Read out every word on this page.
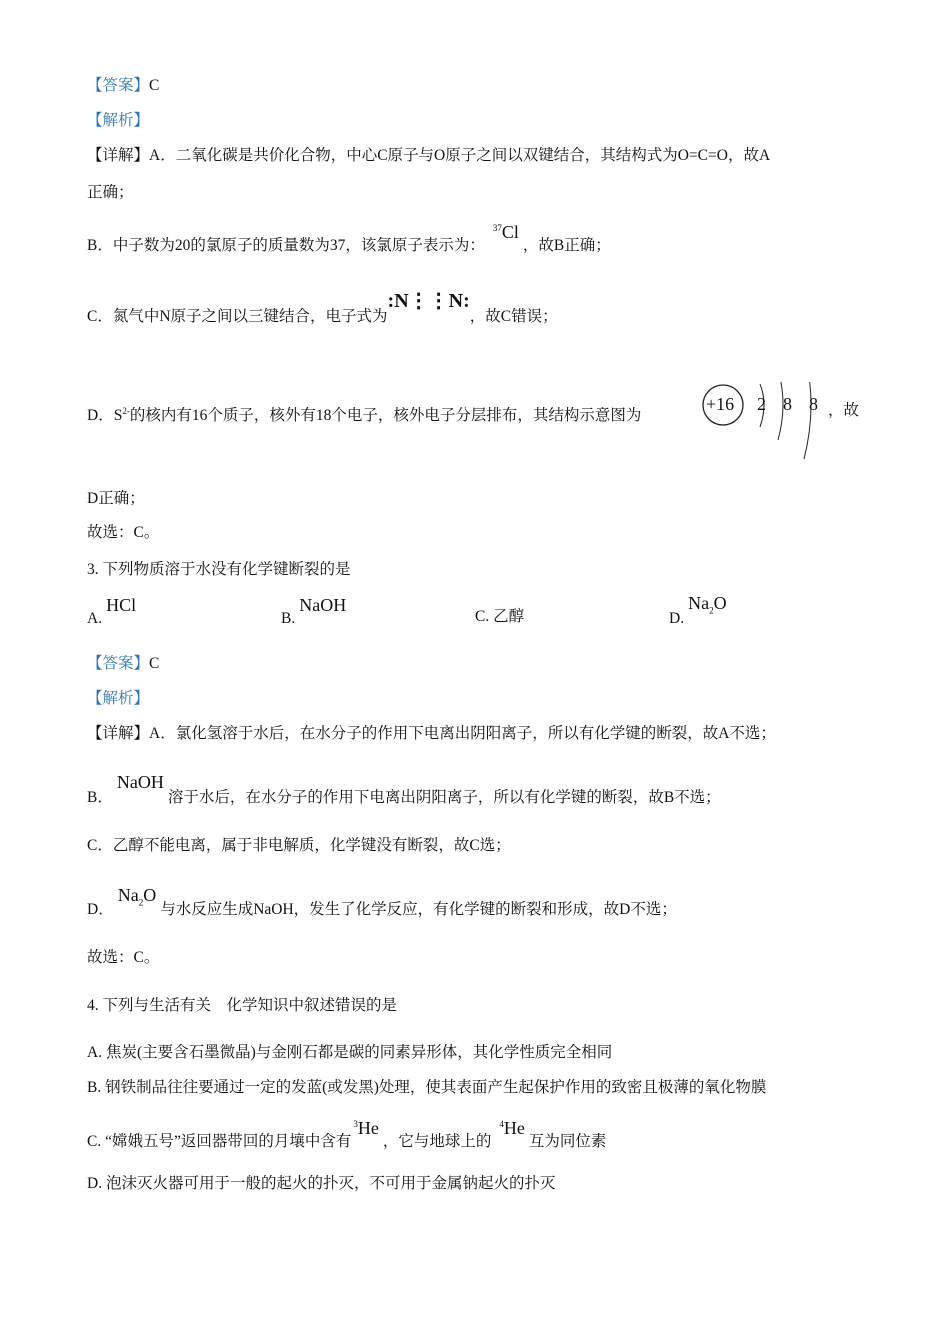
【答案】C
【解析】
【详解】A．二氧化碳是共价化合物，中心C原子与O原子之间以双键结合，其结构式为O=C=O，故A
正确；
B．中子数为20的氯原子的质量数为37，该氯原子表示为：$^{37}$Cl，故B正确；
C．氮气中N原子之间以三键结合，电子式为:N⋮⋮N:，故C错误；
D．$S^{2-}$的核内有16个质子，核外有18个电子，核外电子分层排布，其结构示意图为
+16 2 8 8 ，故
D正确；
故选：C。
3. 下列物质溶于水没有化学键断裂的是
A.HCl
B.NaOH
C. 乙醇	$D.Na_2O$
【答案】C
【解析】
【详解】A．氯化氢溶于水后，在水分子的作用下电离出阴阳离子，所以有化学键的断裂，故A不选；
B．NaOH溶于水后，在水分子的作用下电离出阴阳离子，所以有化学键的断裂，故B不选；
C．乙醇不能电离，属于非电解质，化学键没有断裂，故C选；
D．$Na_2O$与水反应生成NaOH，发生了化学反应，有化学键的断裂和形成，故D不选；
故选：C。
4. 下列与生活有关　化学知识中叙述错误的是
A. 焦炭(主要含石墨微晶)与金刚石都是碳的同素异形体，其化学性质完全相同
B. 钢铁制品往往要通过一定的发蓝(或发黑)处理，使其表面产生起保护作用的致密且极薄的氧化物膜
C. “嫦娥五号”返回器带回的月壤中含有$^3$He，它与地球上的$^4$He互为同位素
D. 泡沫灭火器可用于一般的起火的扑灭，不可用于金属钠起火的扑灭
